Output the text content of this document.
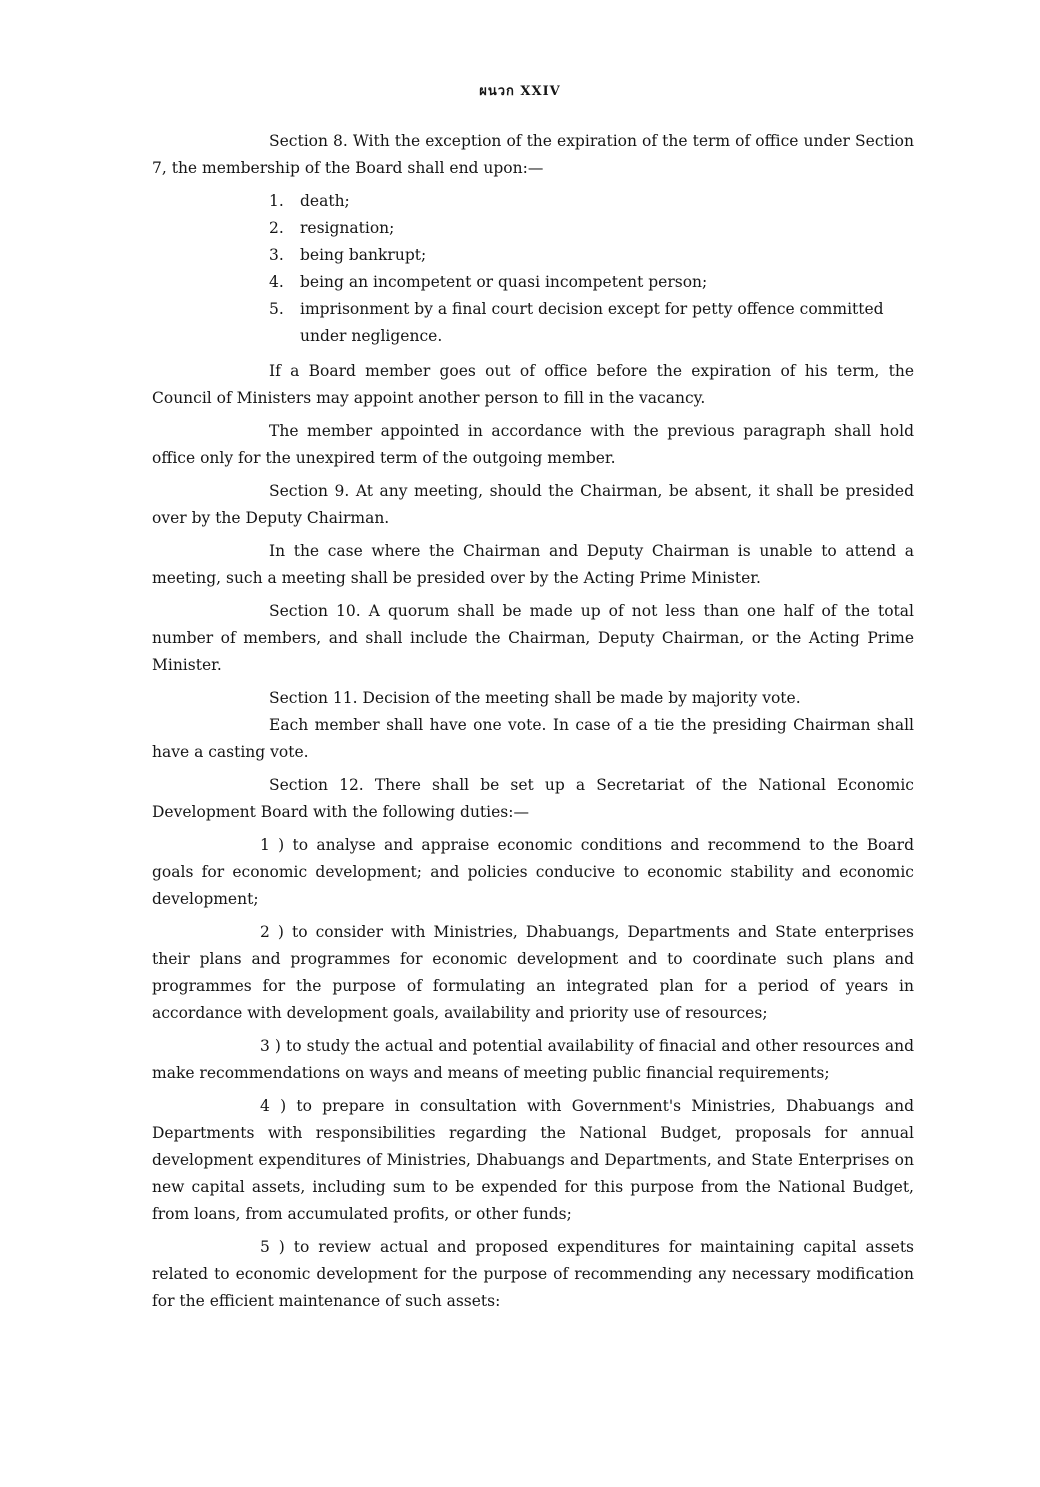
ผนวก XXIV

Section 8. With the exception of the expiration of the term of office under Section 7, the membership of the Board shall end upon:—

1.	death;
2.	resignation;
3.	being bankrupt;
4.	being an incompetent or quasi incompetent person;
5.	imprisonment by a final court decision except for petty offence committed under negligence.

If a Board member goes out of office before the expiration of his term, the Council of Ministers may appoint another person to fill in the vacancy.

The member appointed in accordance with the previous paragraph shall hold office only for the unexpired term of the outgoing member.

Section 9. At any meeting, should the Chairman, be absent, it shall be presided over by the Deputy Chairman.

In the case where the Chairman and Deputy Chairman is unable to attend a meeting, such a meeting shall be presided over by the Acting Prime Minister.

Section 10. A quorum shall be made up of not less than one half of the total number of members, and shall include the Chairman, Deputy Chairman, or the Acting Prime Minister.

Section 11. Decision of the meeting shall be made by majority vote.

Each member shall have one vote. In case of a tie the presiding Chairman shall have a casting vote.

Section 12. There shall be set up a Secretariat of the National Economic Development Board with the following duties:—

1 ) to analyse and appraise economic conditions and recommend to the Board goals for economic development; and policies conducive to economic stability and economic development;

2 ) to consider with Ministries, Dhabuangs, Departments and State enterprises their plans and programmes for economic development and to coordinate such plans and programmes for the purpose of formulating an integrated plan for a period of years in accordance with development goals, availability and priority use of resources;

3 ) to study the actual and potential availability of finacial and other resources and make recommendations on ways and means of meeting public financial requirements;

4 ) to prepare in consultation with Government's Ministries, Dhabuangs and Departments with responsibilities regarding the National Budget, proposals for annual development expenditures of Ministries, Dhabuangs and Departments, and State Enterprises on new capital assets, including sum to be expended for this purpose from the National Budget, from loans, from accumulated profits, or other funds;

5 ) to review actual and proposed expenditures for maintaining capital assets related to economic development for the purpose of recommending any necessary modification for the efficient maintenance of such assets:
